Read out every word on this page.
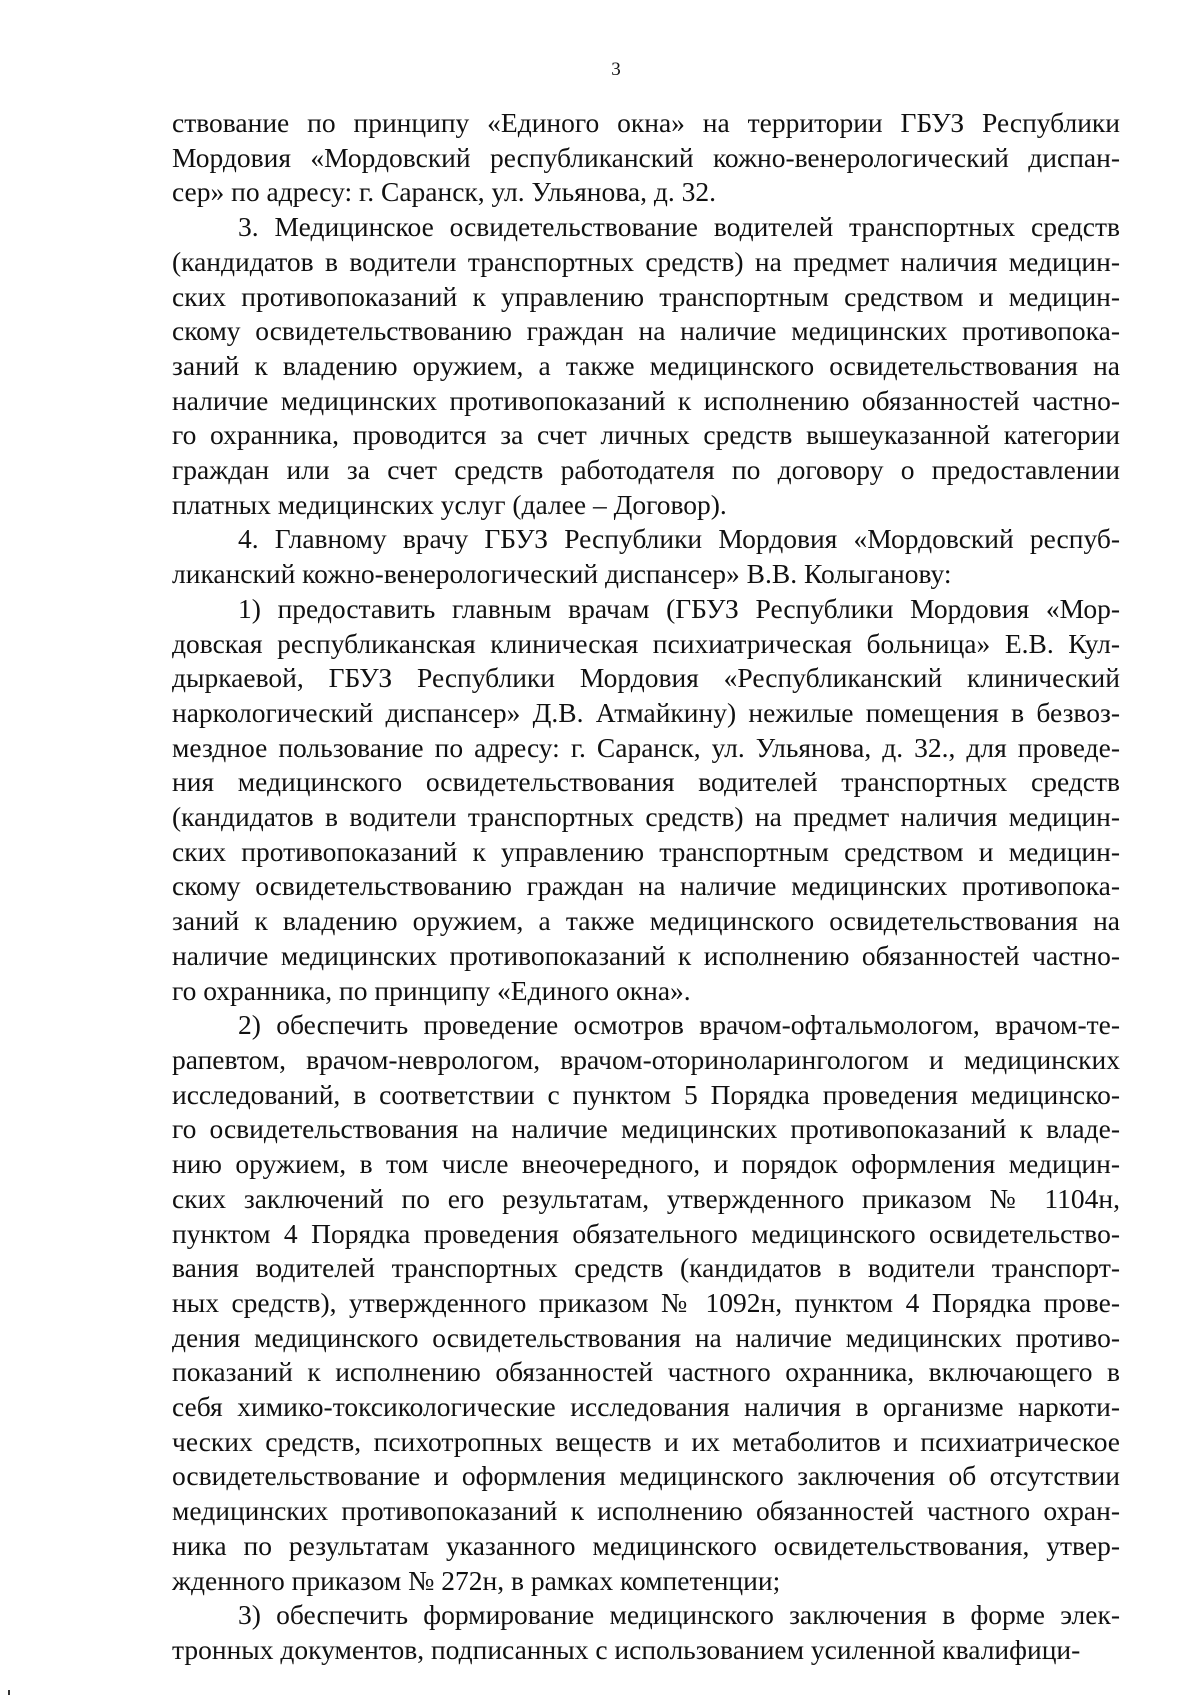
3
ствование по принципу «Единого окна» на территории ГБУЗ Республики
Мордовия «Мордовский республиканский кожно-венерологический диспан-
сер» по адресу: г. Саранск, ул. Ульянова, д. 32.
3. Медицинское освидетельствование водителей транспортных средств
(кандидатов в водители транспортных средств) на предмет наличия медицин-
ских противопоказаний к управлению транспортным средством и медицин-
скому освидетельствованию граждан на наличие медицинских противопока-
заний к владению оружием, а также медицинского освидетельствования на
наличие медицинских противопоказаний к исполнению обязанностей частно-
го охранника, проводится за счет личных средств вышеуказанной категории
граждан или за счет средств работодателя по договору о предоставлении
платных медицинских услуг (далее – Договор).
4. Главному врачу ГБУЗ Республики Мордовия «Мордовский респуб-
ликанский кожно-венерологический диспансер» В.В. Колыганову:
1) предоставить главным врачам (ГБУЗ Республики Мордовия «Мор-
довская республиканская клиническая психиатрическая больница» Е.В. Кул-
дыркаевой, ГБУЗ Республики Мордовия «Республиканский клинический
наркологический диспансер» Д.В. Атмайкину) нежилые помещения в безвоз-
мездное пользование по адресу: г. Саранск, ул. Ульянова, д. 32., для проведе-
ния медицинского освидетельствования водителей транспортных средств
(кандидатов в водители транспортных средств) на предмет наличия медицин-
ских противопоказаний к управлению транспортным средством и медицин-
скому освидетельствованию граждан на наличие медицинских противопока-
заний к владению оружием, а также медицинского освидетельствования на
наличие медицинских противопоказаний к исполнению обязанностей частно-
го охранника, по принципу «Единого окна».
2) обеспечить проведение осмотров врачом-офтальмологом, врачом-те-
рапевтом, врачом-неврологом, врачом-оториноларингологом и медицинских
исследований, в соответствии с пунктом 5 Порядка проведения медицинско-
го освидетельствования на наличие медицинских противопоказаний к владе-
нию оружием, в том числе внеочередного, и порядок оформления медицин-
ских заключений по его результатам, утвержденного приказом № 1104н,
пунктом 4 Порядка проведения обязательного медицинского освидетельство-
вания водителей транспортных средств (кандидатов в водители транспорт-
ных средств), утвержденного приказом № 1092н, пунктом 4 Порядка прове-
дения медицинского освидетельствования на наличие медицинских противо-
показаний к исполнению обязанностей частного охранника, включающего в
себя химико-токсикологические исследования наличия в организме наркоти-
ческих средств, психотропных веществ и их метаболитов и психиатрическое
освидетельствование и оформления медицинского заключения об отсутствии
медицинских противопоказаний к исполнению обязанностей частного охран-
ника по результатам указанного медицинского освидетельствования, утвер-
жденного приказом № 272н, в рамках компетенции;
3) обеспечить формирование медицинского заключения в форме элек-
тронных документов, подписанных с использованием усиленной квалифици-
